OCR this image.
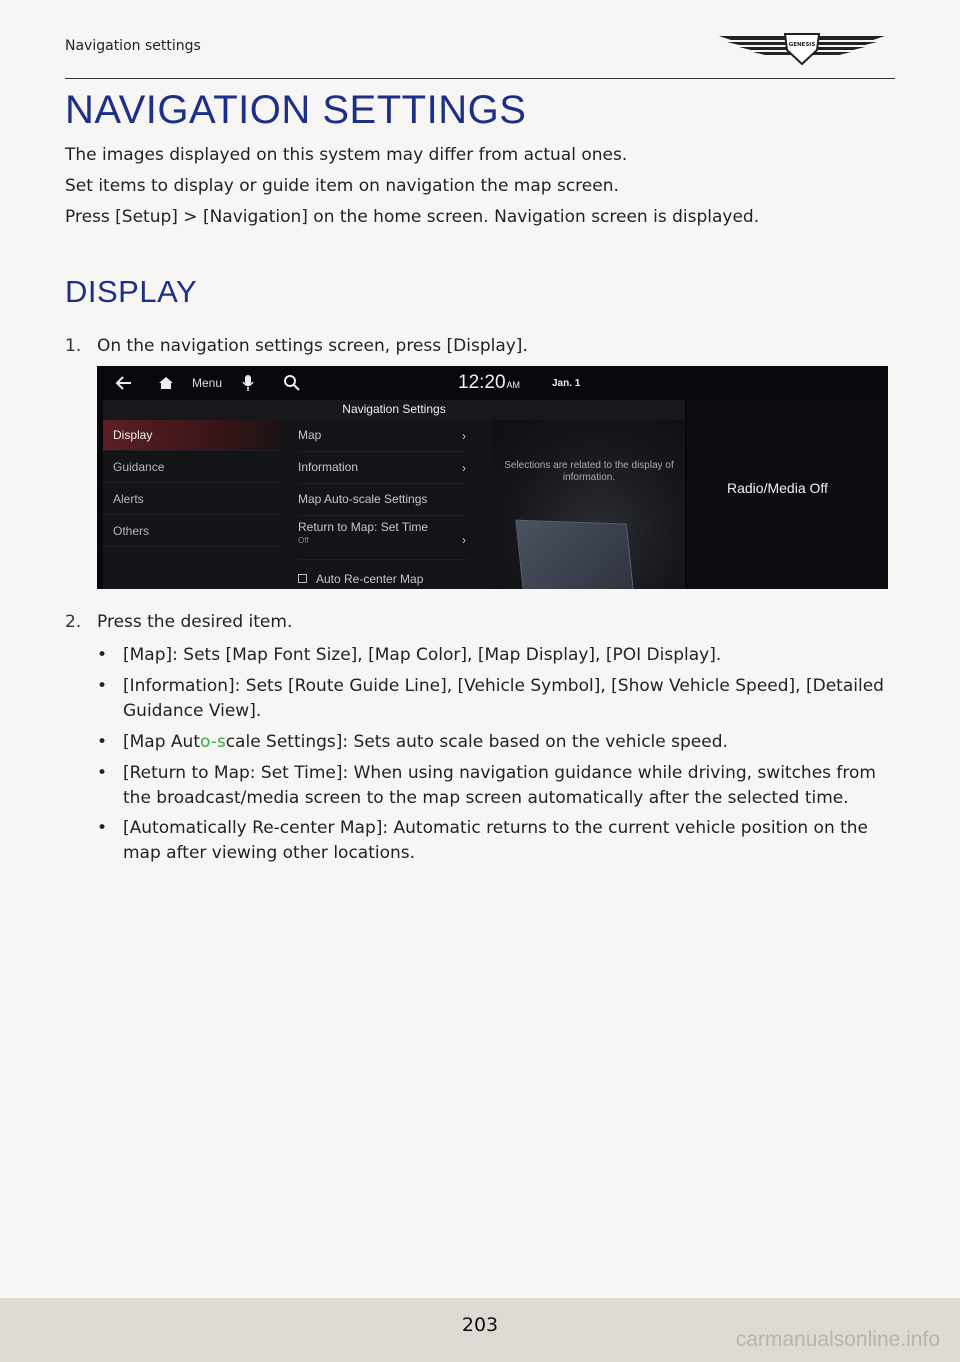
Navigation settings	GENESIS
NAVIGATION SETTINGS

The images displayed on this system may differ from actual ones.

Set items to display or guide item on navigation the map screen.

Press [Setup] > [Navigation] on the home screen. Navigation screen is displayed.

DISPLAY
1. On the navigation settings screen, press [Display].
Menu	12:20AM	Jan. 1
Navigation Settings
Display
Guidance
Alerts
Others
Map	›
Information	›
Map Auto-scale Settings
Return to Map: Set Time
Off	›
Auto Re-center Map
Selections are related to the display of information.
Radio/Media Off
2. Press the desired item.
• [Map]: Sets [Map Font Size], [Map Color], [Map Display], [POI Display].
• [Information]: Sets [Route Guide Line], [Vehicle Symbol], [Show Vehicle Speed], [Detailed Guidance View].
• [Map Auto-scale Settings]: Sets auto scale based on the vehicle speed.
• [Return to Map: Set Time]: When using navigation guidance while driving, switches from the broadcast/media screen to the map screen automatically after the selected time.
• [Automatically Re-center Map]: Automatic returns to the current vehicle position on the map after viewing other locations.
203
carmanualsonline.info
